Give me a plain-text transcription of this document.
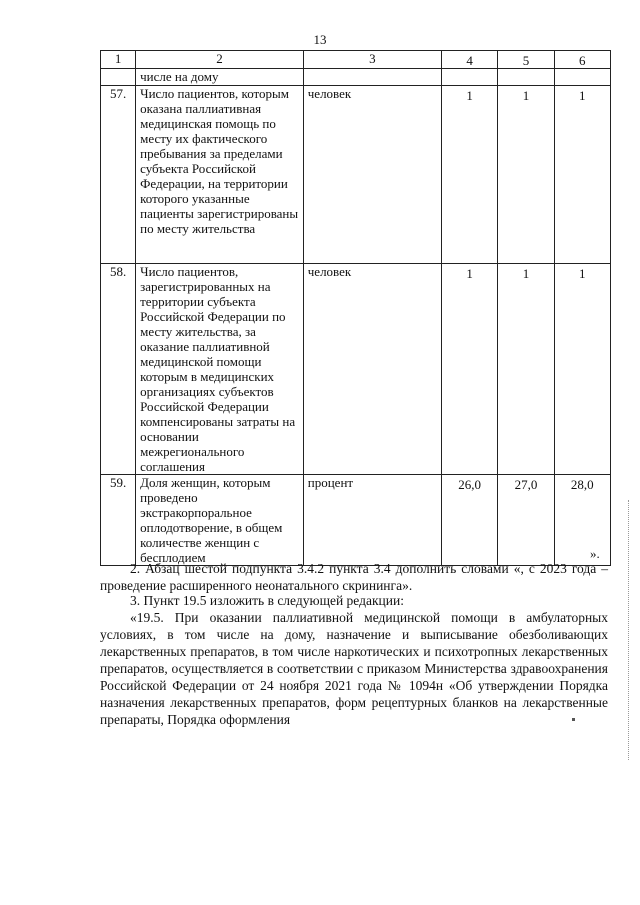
13
1	2	3	4	5	6
	числе на дому				
57.	Число пациентов, которым оказана паллиативная медицинская помощь по месту их фактического пребывания за пределами субъекта Российской Федерации, на территории которого указанные пациенты зарегистрированы по месту жительства	человек	1	1	1
58.	Число пациентов, зарегистрированных на территории субъекта Российской Федерации по месту жительства, за оказание паллиативной медицинской помощи которым в медицинских организациях субъектов Российской Федерации компенсированы затраты на основании межрегионального соглашения	человек	1	1	1
59.	Доля женщин, которым проведено экстракорпоральное оплодотворение, в общем количестве женщин с бесплодием	процент	26,0	27,0	28,0
».

2. Абзац шестой подпункта 3.4.2 пункта 3.4 дополнить словами «, с 2023 года – проведение расширенного неонатального скрининга».

3. Пункт 19.5 изложить в следующей редакции:

«19.5. При оказании паллиативной медицинской помощи в амбулаторных условиях, в том числе на дому, назначение и выписывание обезболивающих лекарственных препаратов, в том числе наркотических и психотропных лекарственных препаратов, осуществляется в соответствии с приказом Министерства здравоохранения Российской Федерации от 24 ноября 2021 года № 1094н «Об утверждении Порядка назначения лекарственных препаратов, форм рецептурных бланков на лекарственные препараты, Порядка оформления
